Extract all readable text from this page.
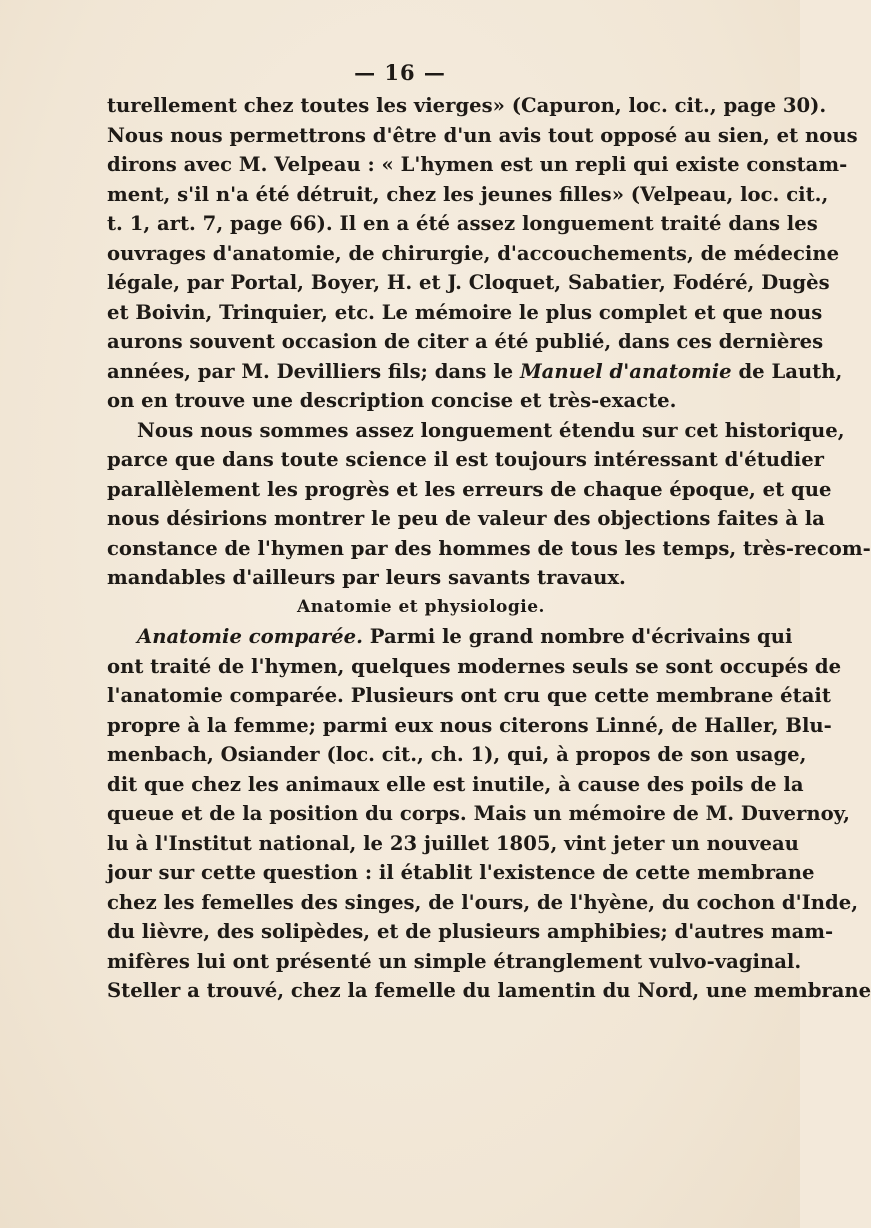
— 16 —

turellement chez toutes les vierges» (Capuron, loc. cit., page 30).
Nous nous permettrons d'être d'un avis tout opposé au sien, et nous
dirons avec M. Velpeau : « L'hymen est un repli qui existe constam-
ment, s'il n'a été détruit, chez les jeunes filles» (Velpeau, loc. cit.,
t. 1, art. 7, page 66). Il en a été assez longuement traité dans les
ouvrages d'anatomie, de chirurgie, d'accouchements, de médecine
légale, par Portal, Boyer, H. et J. Cloquet, Sabatier, Fodéré, Dugès
et Boivin, Trinquier, etc. Le mémoire le plus complet et que nous
aurons souvent occasion de citer a été publié, dans ces dernières
années, par M. Devilliers fils; dans le Manuel d'anatomie de Lauth,
on en trouve une description concise et très-exacte.

Nous nous sommes assez longuement étendu sur cet historique,
parce que dans toute science il est toujours intéressant d'étudier
parallèlement les progrès et les erreurs de chaque époque, et que
nous désirions montrer le peu de valeur des objections faites à la
constance de l'hymen par des hommes de tous les temps, très-recom-
mandables d'ailleurs par leurs savants travaux.

Anatomie et physiologie.

Anatomie comparée. Parmi le grand nombre d'écrivains qui
ont traité de l'hymen, quelques modernes seuls se sont occupés de
l'anatomie comparée. Plusieurs ont cru que cette membrane était
propre à la femme; parmi eux nous citerons Linné, de Haller, Blu-
menbach, Osiander (loc. cit., ch. 1), qui, à propos de son usage,
dit que chez les animaux elle est inutile, à cause des poils de la
queue et de la position du corps. Mais un mémoire de M. Duvernoy,
lu à l'Institut national, le 23 juillet 1805, vint jeter un nouveau
jour sur cette question : il établit l'existence de cette membrane
chez les femelles des singes, de l'ours, de l'hyène, du cochon d'Inde,
du lièvre, des solipèdes, et de plusieurs amphibies; d'autres mam-
mifères lui ont présenté un simple étranglement vulvo-vaginal.
Steller a trouvé, chez la femelle du lamentin du Nord, une membrane
